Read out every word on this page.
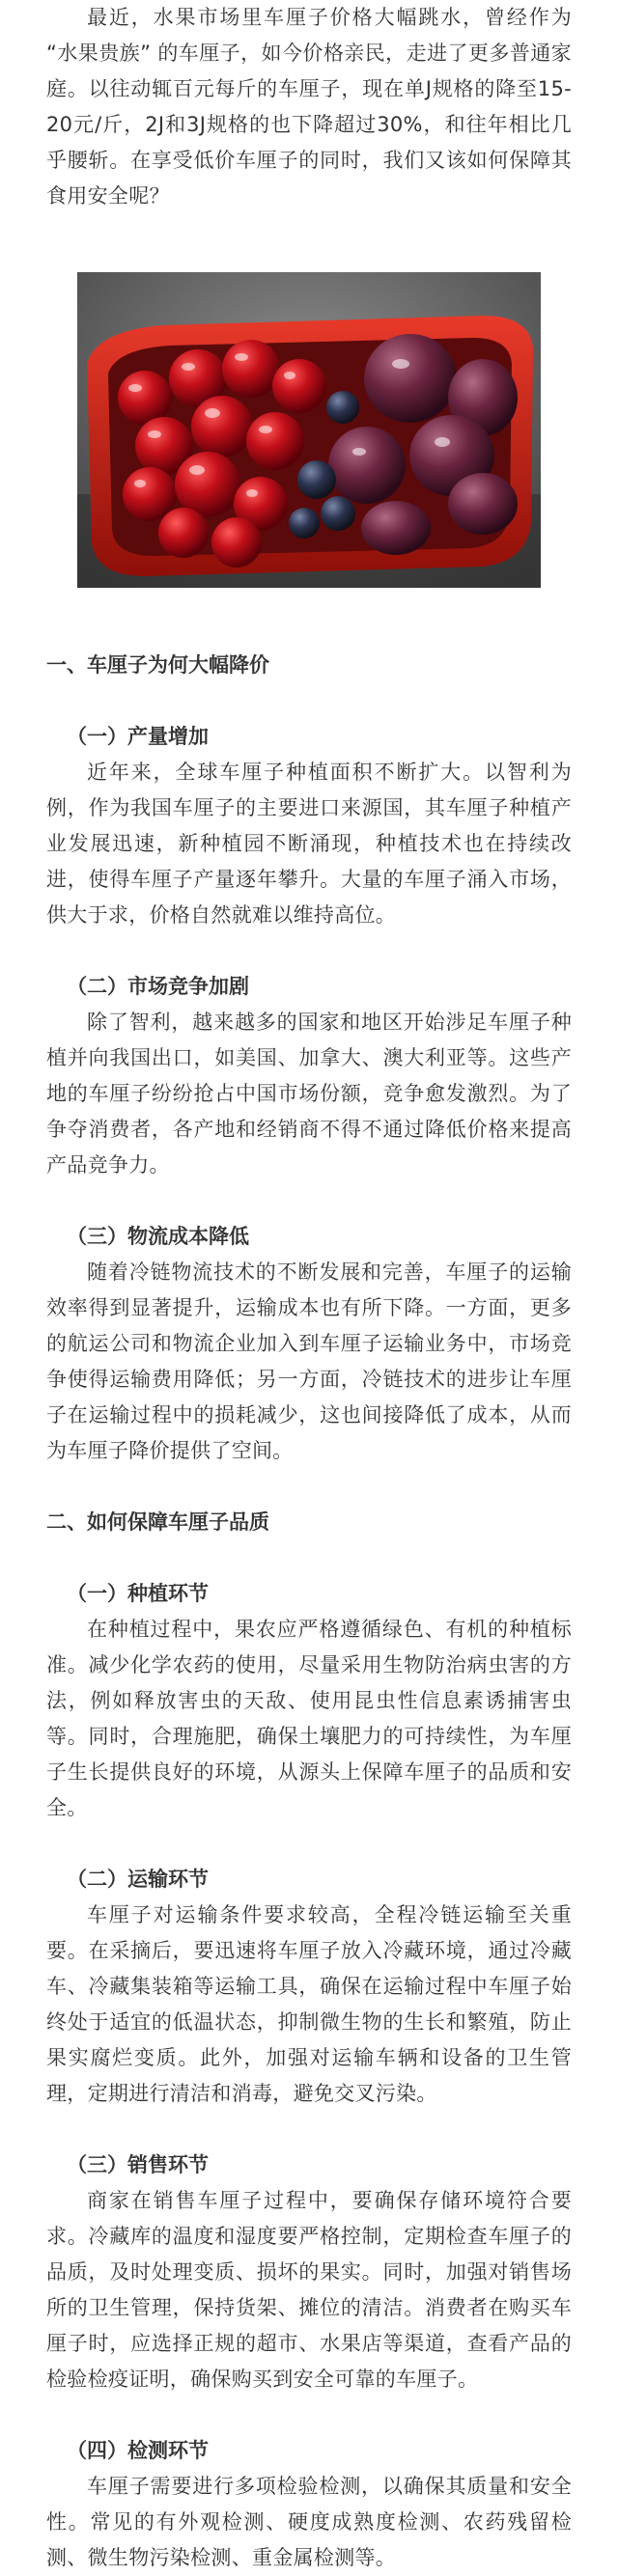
最近，水果市场里车厘子价格大幅跳水，曾经作为 “水果贵族” 的车厘子，如今价格亲民，走进了更多普通家庭。以往动辄百元每斤的车厘子，现在单J规格的降至15-20元/斤，2J和3J规格的也下降超过30%，和往年相比几乎腰斩。在享受低价车厘子的同时，我们又该如何保障其食用安全呢？

一、车厘子为何大幅降价

（一）产量增加

近年来，全球车厘子种植面积不断扩大。以智利为例，作为我国车厘子的主要进口来源国，其车厘子种植产业发展迅速，新种植园不断涌现，种植技术也在持续改进，使得车厘子产量逐年攀升。大量的车厘子涌入市场，供大于求，价格自然就难以维持高位。

（二）市场竞争加剧

除了智利，越来越多的国家和地区开始涉足车厘子种植并向我国出口，如美国、加拿大、澳大利亚等。这些产地的车厘子纷纷抢占中国市场份额，竞争愈发激烈。为了争夺消费者，各产地和经销商不得不通过降低价格来提高产品竞争力。

（三）物流成本降低

随着冷链物流技术的不断发展和完善，车厘子的运输效率得到显著提升，运输成本也有所下降。一方面，更多的航运公司和物流企业加入到车厘子运输业务中，市场竞争使得运输费用降低；另一方面，冷链技术的进步让车厘子在运输过程中的损耗减少，这也间接降低了成本，从而为车厘子降价提供了空间。

二、如何保障车厘子品质

（一）种植环节

在种植过程中，果农应严格遵循绿色、有机的种植标准。减少化学农药的使用，尽量采用生物防治病虫害的方法，例如释放害虫的天敌、使用昆虫性信息素诱捕害虫等。同时，合理施肥，确保土壤肥力的可持续性，为车厘子生长提供良好的环境，从源头上保障车厘子的品质和安全。

（二）运输环节

车厘子对运输条件要求较高，全程冷链运输至关重要。在采摘后，要迅速将车厘子放入冷藏环境，通过冷藏车、冷藏集装箱等运输工具，确保在运输过程中车厘子始终处于适宜的低温状态，抑制微生物的生长和繁殖，防止果实腐烂变质。此外，加强对运输车辆和设备的卫生管理，定期进行清洁和消毒，避免交叉污染。

（三）销售环节

商家在销售车厘子过程中，要确保存储环境符合要求。冷藏库的温度和湿度要严格控制，定期检查车厘子的品质，及时处理变质、损坏的果实。同时，加强对销售场所的卫生管理，保持货架、摊位的清洁。消费者在购买车厘子时，应选择正规的超市、水果店等渠道，查看产品的检验检疫证明，确保购买到安全可靠的车厘子。

（四）检测环节

车厘子需要进行多项检验检测，以确保其质量和安全性。常见的有外观检测、硬度成熟度检测、农药残留检测、微生物污染检测、重金属检测等。
